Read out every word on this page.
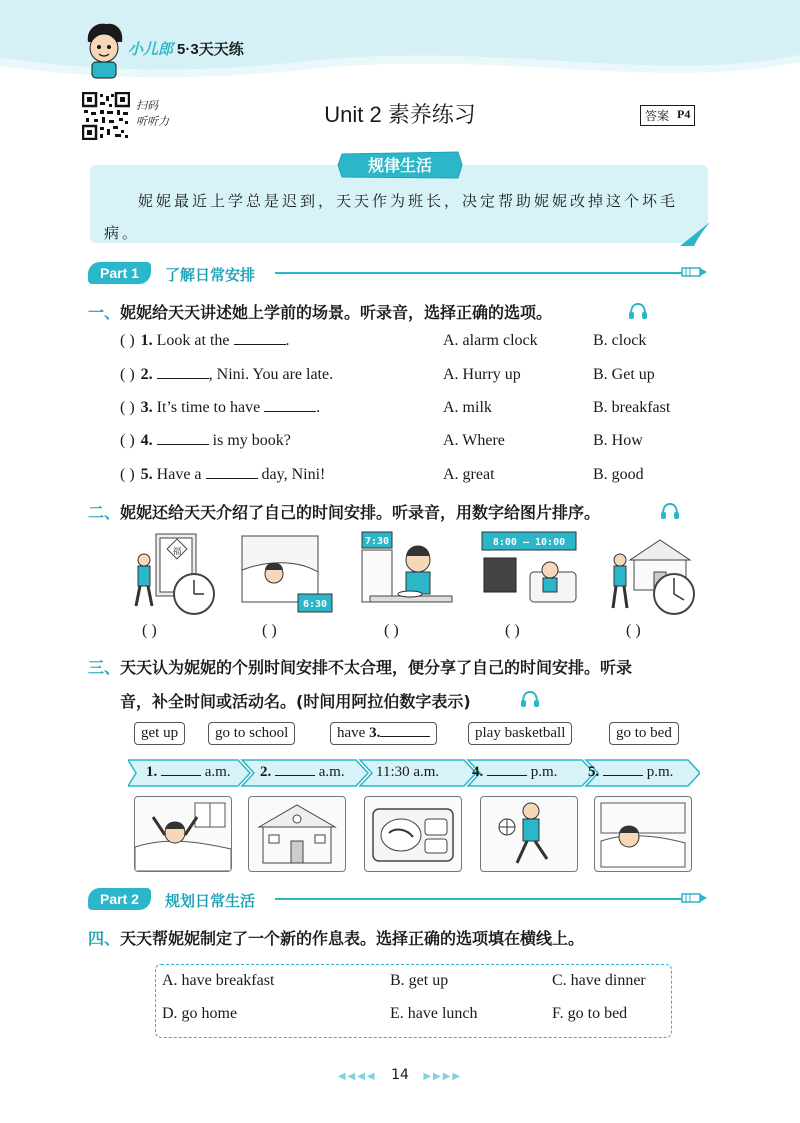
小儿郎 5·3天天练
扫码
听听力	Unit 2 素养练习	答案 P4
规律生活
妮妮最近上学总是迟到，天天作为班长，决定帮助妮妮改掉这个坏毛病。
Part 1	了解日常安排
一、妮妮给天天讲述她上学前的场景。听录音，选择正确的选项。
( ) 1. Look at the	.	A. alarm clock	B. clock
( ) 2.	, Nini. You are late.	A. Hurry up	B. Get up
( ) 3. It’s time to have	.	A. milk	B. breakfast
( ) 4.	is my book?	A. Where	B. How
( ) 5. Have a	day, Nini!	A. great	B. good
二、妮妮还给天天介绍了自己的时间安排。听录音，用数字给图片排序。
福
6:30
7:30	8:00 — 10:00
( )	( )	( )	( )	( )
三、天天认为妮妮的个别时间安排不太合理，便分享了自己的时间安排。听录
音，补全时间或活动名。(时间用阿拉伯数字表示)
get up	go to school	have 3.	play basketball	go to bed
1.	a.m. 2.	a.m. 11:30 a.m. 4.	p.m. 5.	p.m.
Part 2	规划日常生活
四、天天帮妮妮制定了一个新的作息表。选择正确的选项填在横线上。
A. have breakfast	B. get up	C. have dinner
D. go home	E. have lunch	F. go to bed
◀◀◀◀ 14 ▶▶▶▶
